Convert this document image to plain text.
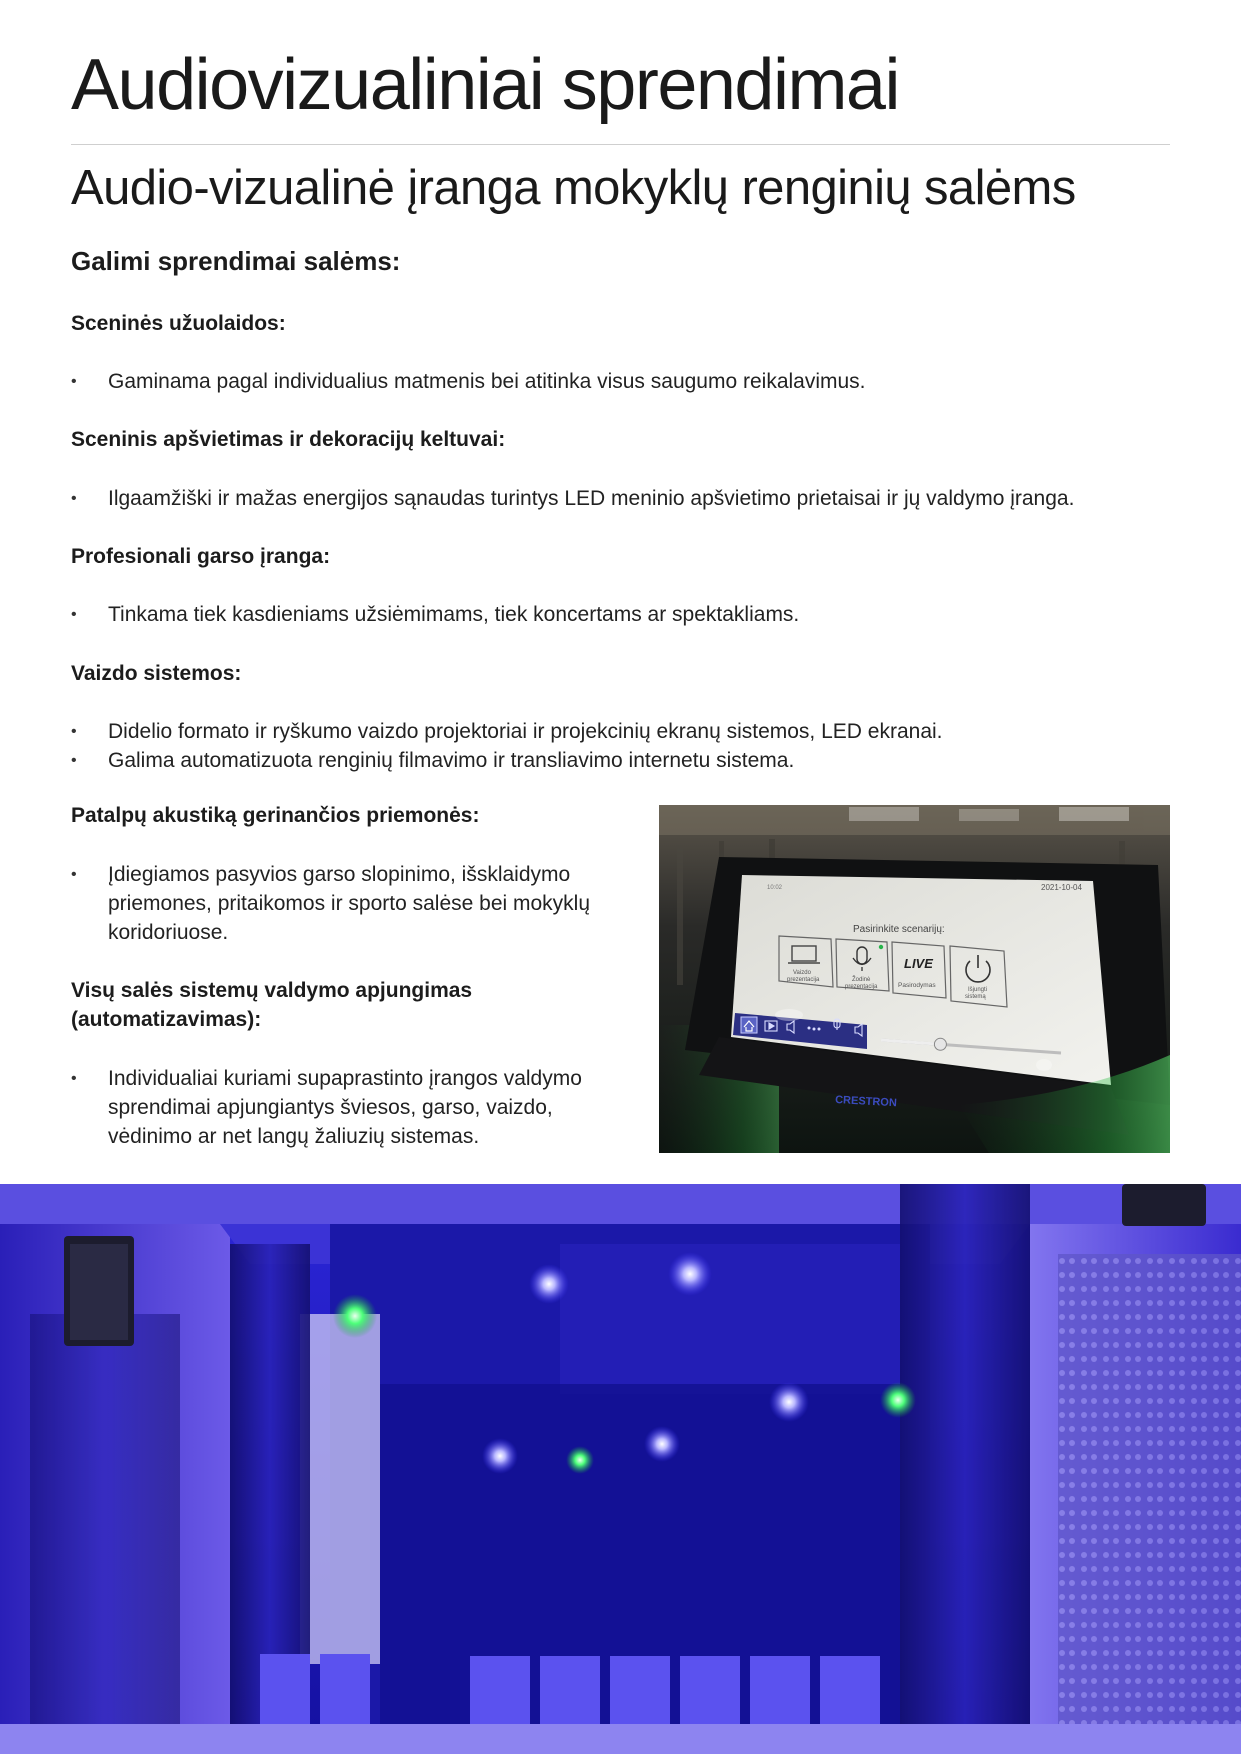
Audiovizualiniai sprendimai
Audio-vizualinė įranga mokyklų renginių salėms
Galimi sprendimai salėms:

Sceninės užuolaidos:

•	Gaminama pagal individualius matmenis bei atitinka visus saugumo reikalavimus.

Sceninis apšvietimas ir dekoracijų keltuvai:

•	Ilgaamžiški ir mažas energijos sąnaudas turintys LED meninio apšvietimo prietaisai ir jų valdymo įranga.

Profesionali garso įranga:

•	Tinkama tiek kasdieniams užsiėmimams, tiek koncertams ar spektakliams.

Vaizdo sistemos:

•	Didelio formato ir ryškumo vaizdo projektoriai ir projekcinių ekranų sistemos, LED ekranai.

•	Galima automatizuota renginių filmavimo ir transliavimo internetu sistema.

Patalpų akustiką gerinančios priemonės:

•	Įdiegiamos pasyvios garso slopinimo, išsklaidymo priemones, pritaikomos ir sporto salėse bei mokyklų koridoriuose.

Visų salės sistemų valdymo apjungimas (automatizavimas):

•	Individualiai kuriami supaprastinto įrangos valdymo sprendimai apjungiantys šviesos, garso, vaizdo, vėdinimo ar net langų žaliuzių sistemas.

10:02	2021-10-04
Pasirinkite scenarijų:
Vaizdo
prezentacija	Žodinė
prezentacija
LIVE
Pasirodymas
Išjungti
sistemą
CRESTRON
